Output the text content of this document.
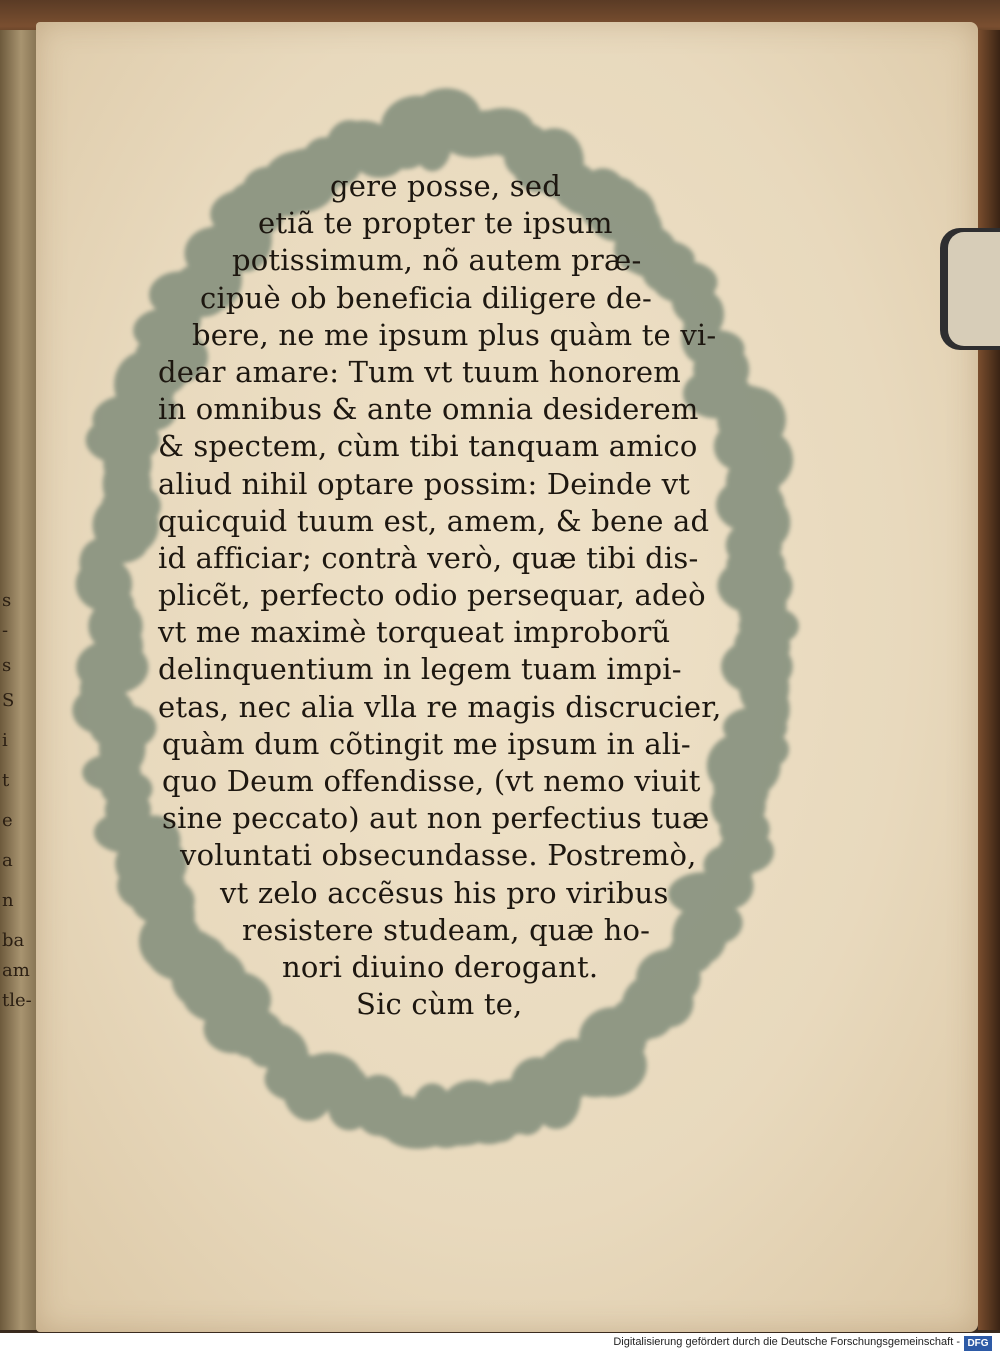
s
-
s
S
i
t
e
a
n
ba
am
tle-
gere posse, sed
etiã te propter te ipsum
potissimum, nõ autem præ-
cipuè ob beneficia diligere de-
bere, ne me ipsum plus quàm te vi-
dear amare: Tum vt tuum honorem
in omnibus & ante omnia desiderem
& spectem, cùm tibi tanquam amico
aliud nihil optare possim: Deinde vt
quicquid tuum est, amem, & bene ad
id afficiar; contrà verò, quæ tibi dis-
plicẽt, perfecto odio persequar, adeò
vt me maximè torqueat improborũ
delinquentium in legem tuam impi-
etas, nec alia vlla re magis discrucier,
quàm dum cõtingit me ipsum in ali-
quo Deum offendisse, (vt nemo viuit
sine peccato) aut non perfectius tuæ
voluntati obsecundasse. Postremò,
vt zelo accẽsus his pro viribus
resistere studeam, quæ ho-
nori diuino derogant.
Sic cùm te,
Digitalisierung gefördert durch die Deutsche Forschungsgemeinschaft - DFG
